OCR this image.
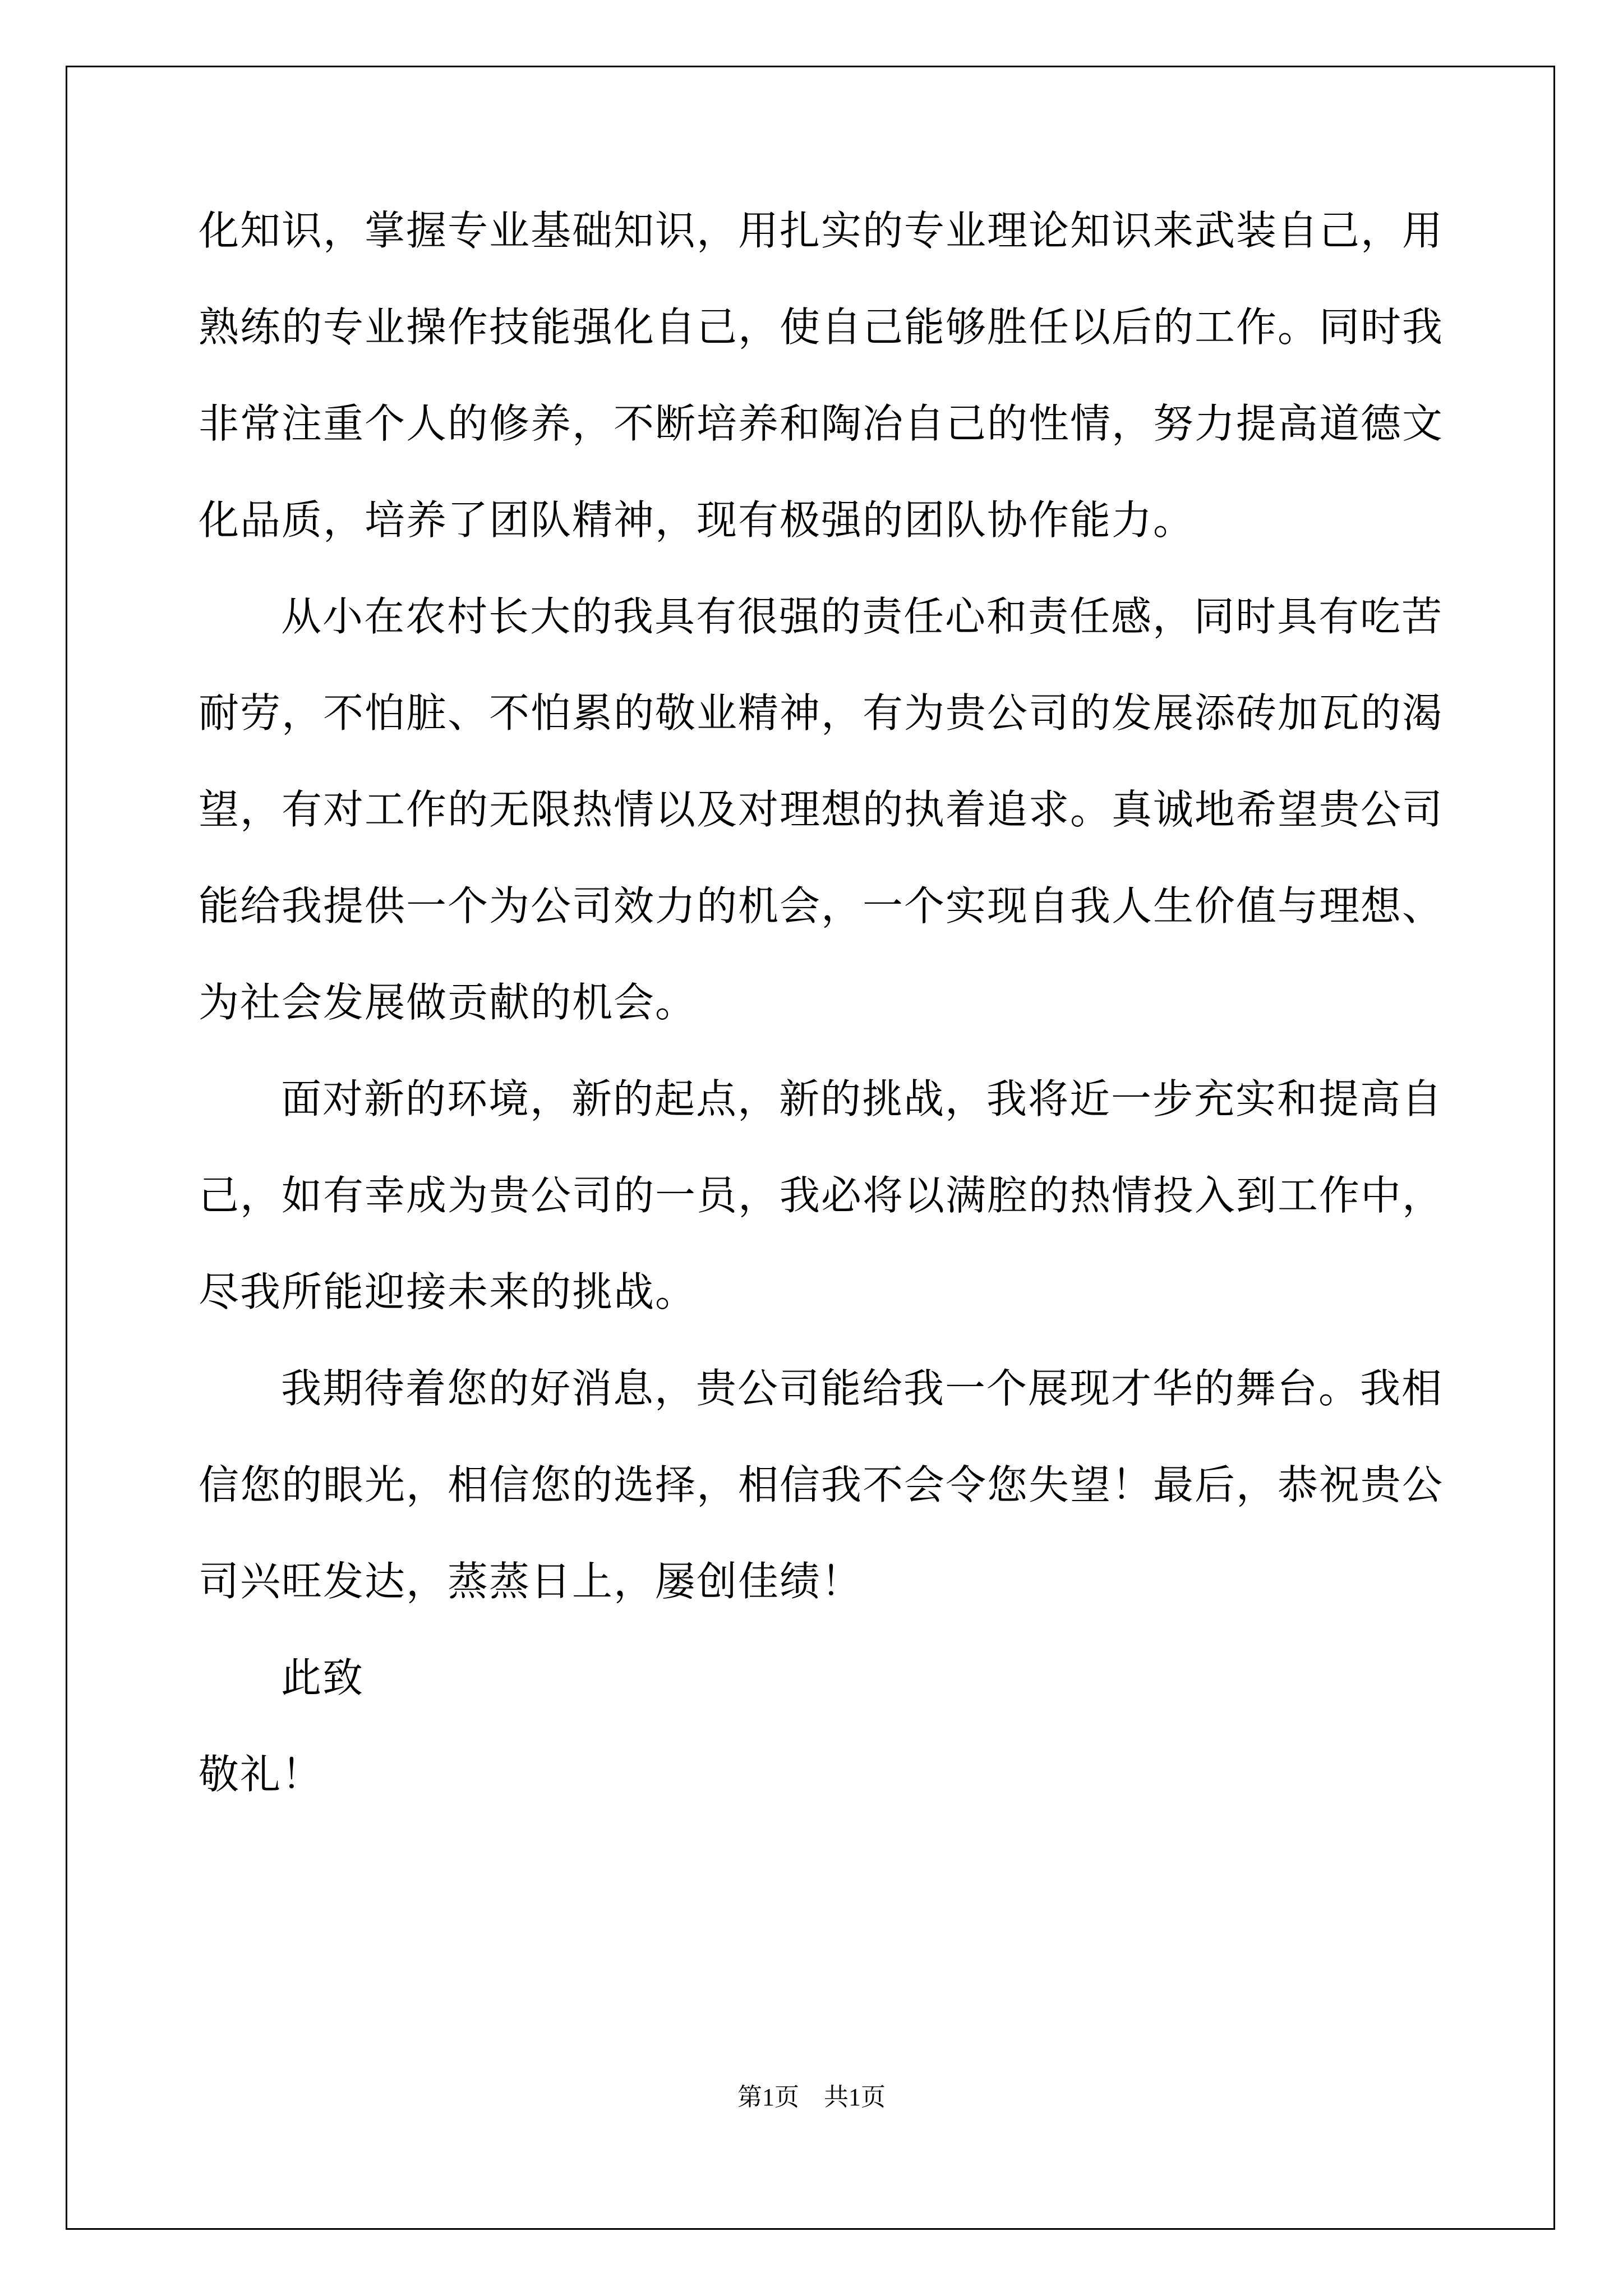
化知识，掌握专业基础知识，用扎实的专业理论知识来武装自己，用
熟练的专业操作技能强化自己，使自己能够胜任以后的工作。同时我
非常注重个人的修养，不断培养和陶冶自己的性情，努力提高道德文
化品质，培养了团队精神，现有极强的团队协作能力。
从小在农村长大的我具有很强的责任心和责任感，同时具有吃苦
耐劳，不怕脏、不怕累的敬业精神，有为贵公司的发展添砖加瓦的渴
望，有对工作的无限热情以及对理想的执着追求。真诚地希望贵公司
能给我提供一个为公司效力的机会，一个实现自我人生价值与理想、
为社会发展做贡献的机会。
面对新的环境，新的起点，新的挑战，我将近一步充实和提高自
己，如有幸成为贵公司的一员，我必将以满腔的热情投入到工作中，
尽我所能迎接未来的挑战。
我期待着您的好消息，贵公司能给我一个展现才华的舞台。我相
信您的眼光，相信您的选择，相信我不会令您失望！最后，恭祝贵公
司兴旺发达，蒸蒸日上，屡创佳绩！
此致
敬礼！
第1页 共1页
